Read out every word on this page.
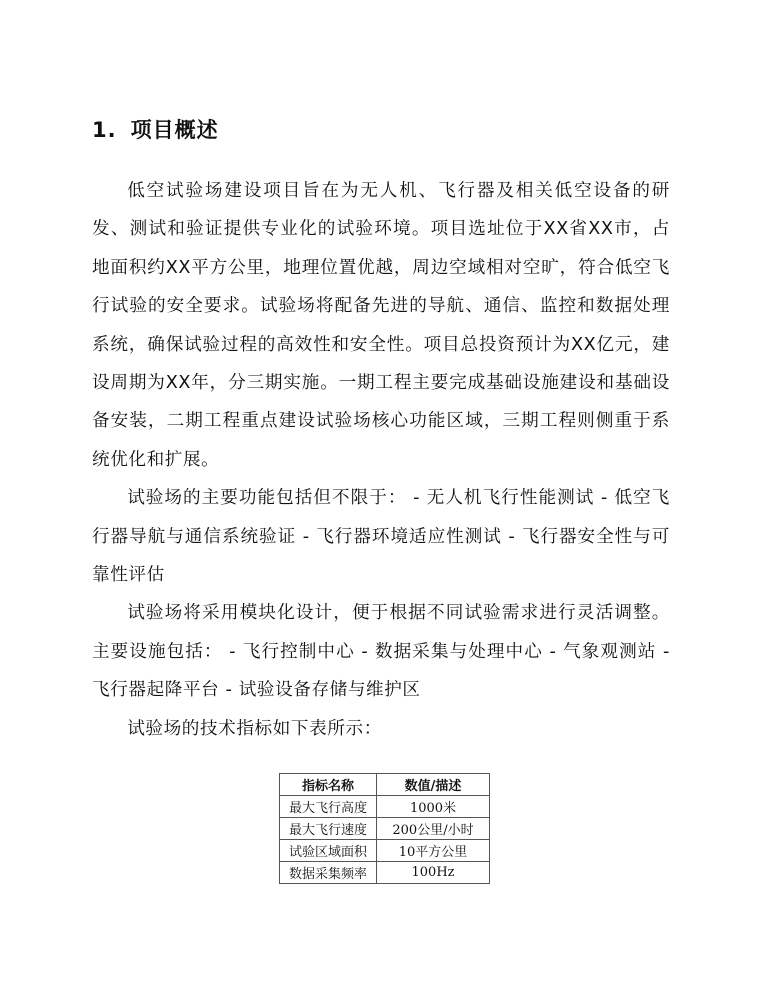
1. 项目概述

低空试验场建设项目旨在为无人机、飞行器及相关低空设备的研发、测试和验证提供专业化的试验环境。项目选址位于XX省XX市，占地面积约XX平方公里，地理位置优越，周边空域相对空旷，符合低空飞行试验的安全要求。试验场将配备先进的导航、通信、监控和数据处理系统，确保试验过程的高效性和安全性。项目总投资预计为XX亿元，建设周期为XX年，分三期实施。一期工程主要完成基础设施建设和基础设备安装，二期工程重点建设试验场核心功能区域，三期工程则侧重于系统优化和扩展。

试验场的主要功能包括但不限于： - 无人机飞行性能测试 - 低空飞行器导航与通信系统验证 - 飞行器环境适应性测试 - 飞行器安全性与可靠性评估

试验场将采用模块化设计，便于根据不同试验需求进行灵活调整。主要设施包括： - 飞行控制中心 - 数据采集与处理中心 - 气象观测站 - 飞行器起降平台 - 试验设备存储与维护区

试验场的技术指标如下表所示：

指标名称	数值/描述
最大飞行高度	1000米
最大飞行速度	200公里/小时
试验区域面积	10平方公里
数据采集频率	100Hz
